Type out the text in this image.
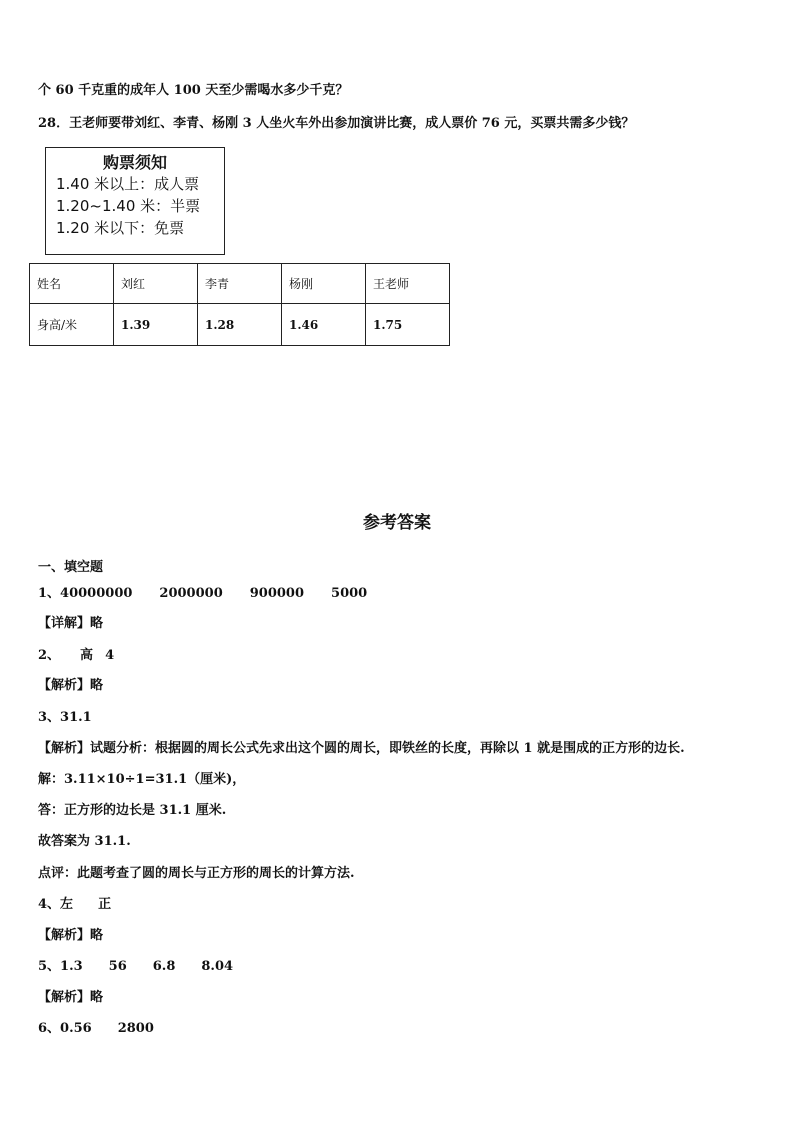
个 60 千克重的成年人 100 天至少需喝水多少千克？
28．王老师要带刘红、李青、杨刚 3 人坐火车外出参加演讲比赛，成人票价 76 元，买票共需多少钱？
购票须知
1.40 米以上：成人票
1.20~1.40 米：半票
1.20 米以下：免票
姓名	刘红	李青	杨刚	王老师
身高/米	1.39	1.28	1.46	1.75
参考答案
一、填空题
1、40000000 2000000 900000 5000
【详解】略
2、 高 4
【解析】略
3、31.1
【解析】试题分析：根据圆的周长公式先求出这个圆的周长，即铁丝的长度，再除以 1 就是围成的正方形的边长.
解：3.11×10÷1=31.1（厘米)，
答：正方形的边长是 31.1 厘米.
故答案为 31.1.
点评：此题考查了圆的周长与正方形的周长的计算方法.
4、左 正
【解析】略
5、1.3 56 6.8 8.04
【解析】略
6、0.56 2800
